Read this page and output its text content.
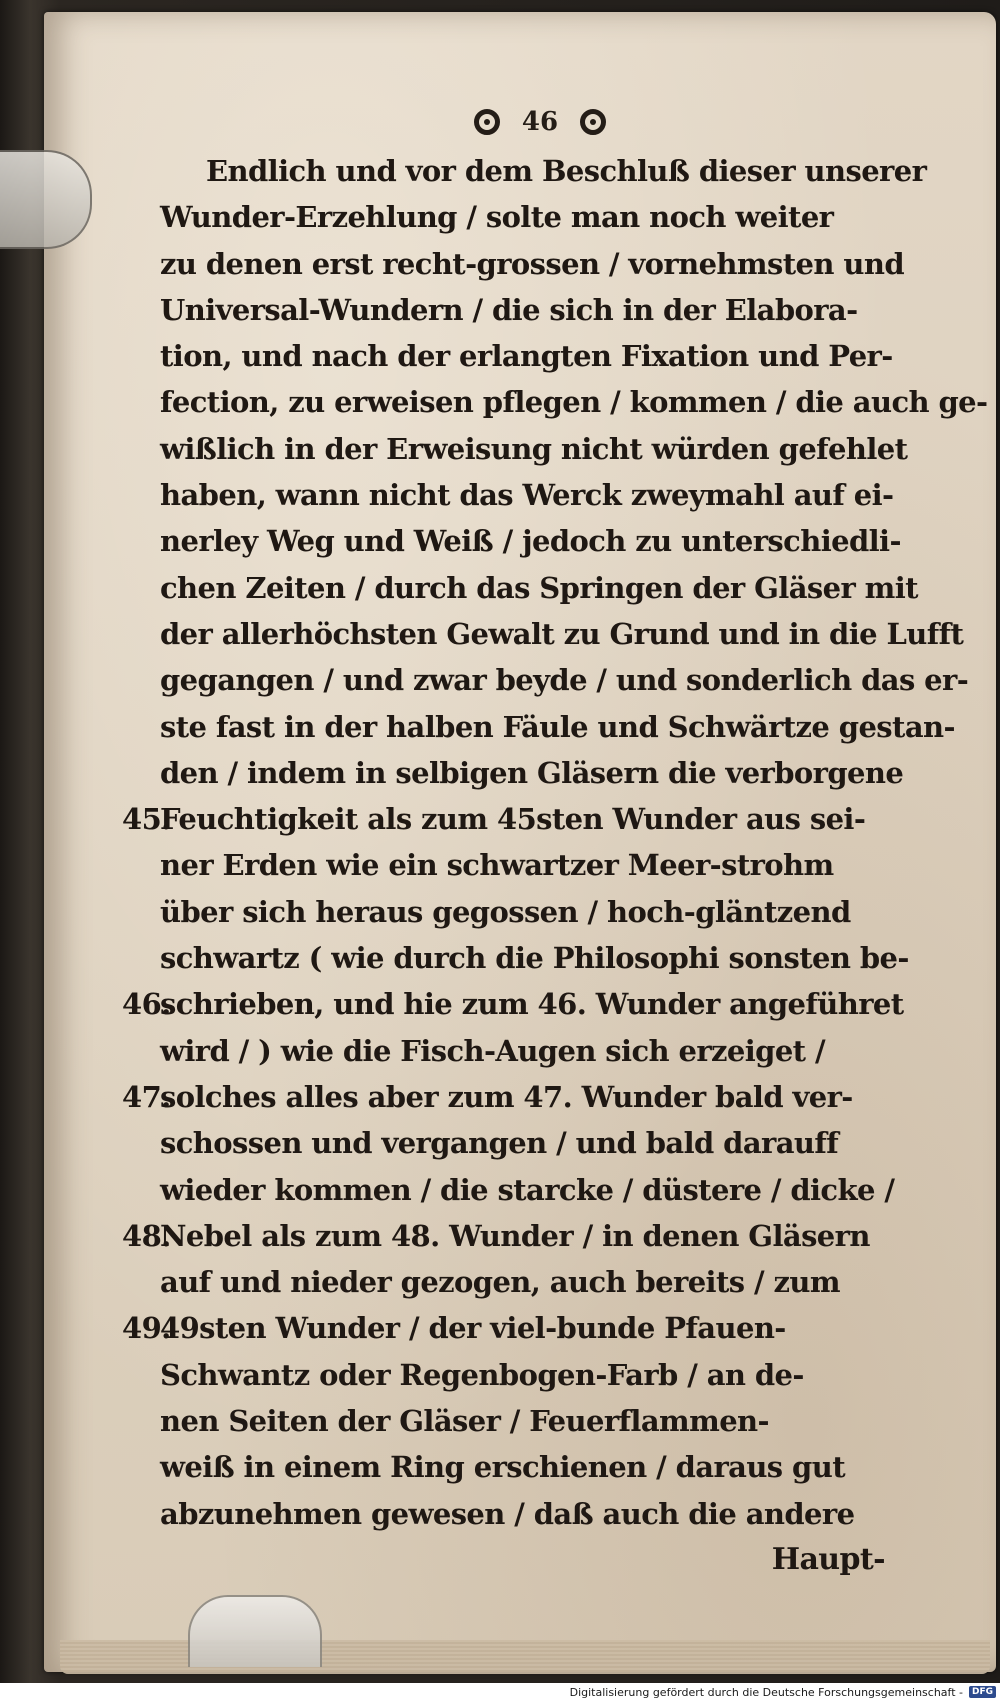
46
Endlich und vor dem Beschluß dieser unserer
Wunder-Erzehlung / solte man noch weiter
zu denen erst recht-grossen / vornehmsten und
Universal-Wundern / die sich in der Elabora-
tion, und nach der erlangten Fixation und Per-
fection, zu erweisen pflegen / kommen / die auch ge-
wißlich in der Erweisung nicht würden gefehlet
haben, wann nicht das Werck zweymahl auf ei-
nerley Weg und Weiß / jedoch zu unterschiedli-
chen Zeiten / durch das Springen der Gläser mit
der allerhöchsten Gewalt zu Grund und in die Lufft
gegangen / und zwar beyde / und sonderlich das er-
ste fast in der halben Fäule und Schwärtze gestan-
den / indem in selbigen Gläsern die verborgene
45.
Feuchtigkeit als zum 45sten Wunder aus sei-
ner Erden wie ein schwartzer Meer-strohm
über sich heraus gegossen / hoch-gläntzend
schwartz ( wie durch die Philosophi sonsten be-
46.
schrieben, und hie zum 46. Wunder angeführet
wird / ) wie die Fisch-Augen sich erzeiget /
47.
solches alles aber zum 47. Wunder bald ver-
schossen und vergangen / und bald darauff
wieder kommen / die starcke / düstere / dicke /
48.
Nebel als zum 48. Wunder / in denen Gläsern
auf und nieder gezogen, auch bereits / zum
49.
49sten Wunder / der viel-bunde Pfauen-
Schwantz oder Regenbogen-Farb / an de-
nen Seiten der Gläser / Feuerflammen-
weiß in einem Ring erschienen / daraus gut
abzunehmen gewesen / daß auch die andere
Haupt-
Digitalisierung gefördert durch die Deutsche Forschungsgemeinschaft -	DFG
